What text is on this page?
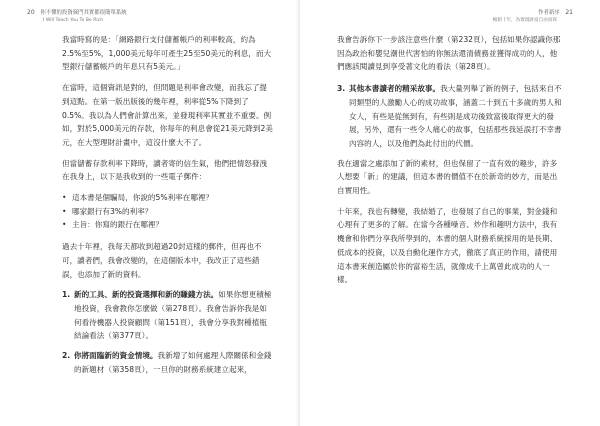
20 你不懂的投資竅門其實都很簡單系統
I Will Teach You To Be Rich

我當時寫的是：「網路銀行支付儲蓄帳戶的利率較高，約為2.5%至5%，1,000美元每年可產生25至50美元的利息，而大型銀行儲蓄帳戶的年息只有5美元。」

在當時，這個資訊是對的，但問題是利率會改變，而我忘了提到這點。在第一版出版後的幾年裡，利率從5%下降到了0.5%。我以為人們會計算出來，並發現利率其實並不重要。例如，對於5,000美元的存款，你每年的利息會從21美元降到2美元，在大型理財計畫中，這沒什麼大不了。

但當儲蓄存款利率下降時，讀者寄的信生氣，他們把情怒發洩在我身上，以下是我收到的一些電子郵件：

• 這本書是個騙局，你說的5%利率在哪裡？
• 哪家銀行有3%的利率？
• 主旨：你寫的銀行在哪裡？

過去十年裡，我每天都收到超過20封這樣的郵件，但再也不可，讀者們，我會改變的，在這個版本中，我改正了這些錯誤，也添加了新的資料。

1. 新的工具、新的投資選擇和新的賺錢方法。如果你想更積極地投資，我會教你怎麼做（第278頁）。我會告訴你我是如何看待機器人投資顧問（第151頁），我會分享我對種植瓶結論看法（第377頁）。
2. 你將面臨新的資金情境。我新增了如何處理人際關係和金錢的新題材（第358頁），一旦你的財務系統建立起來，
作者新序 21
暢銷十年，為實現財富自由而寫

我會告訴你下一步該注意些什麼（第232頁），包括如果你認識你那因為政治和嬰兒潮世代害怕的你無法還清債務並獲得成功的人，他們應該閱讀見到享受著文化的看法（第28頁）。

3. 其他本書讀者的精采故事。我大量列舉了新的例子，包括來自不同類型的人激勵人心的成功故事，涵蓋二十到五十多歲的男人和女人，有些是從無到有，有些則是成功後致富後取得更大的發展，另外，還有一些令人痛心的故事，包括那些我延誤打不幸書內容的人，以及他們為此付出的代價。

我在適當之處添加了新的素材，但也保留了一直有效的趣步，許多人想要「新」的建議，但這本書的價值不在於新奇的妙方，而是出自實用性。

十年來，我也有轉變，我結婚了，也發展了自己的事業，對金錢和心理有了更多的了解。在當今各種噪音、炒作和趣明方法中，我有機會和你們分享我所學到的，本書的個人財務系統採用的是長期、低成本的投資，以及自動化運作方式，徹底了真正的作用，請使用這本書來創造屬於你的富裕生活，就像成千上萬曾此成功的人一樣。
